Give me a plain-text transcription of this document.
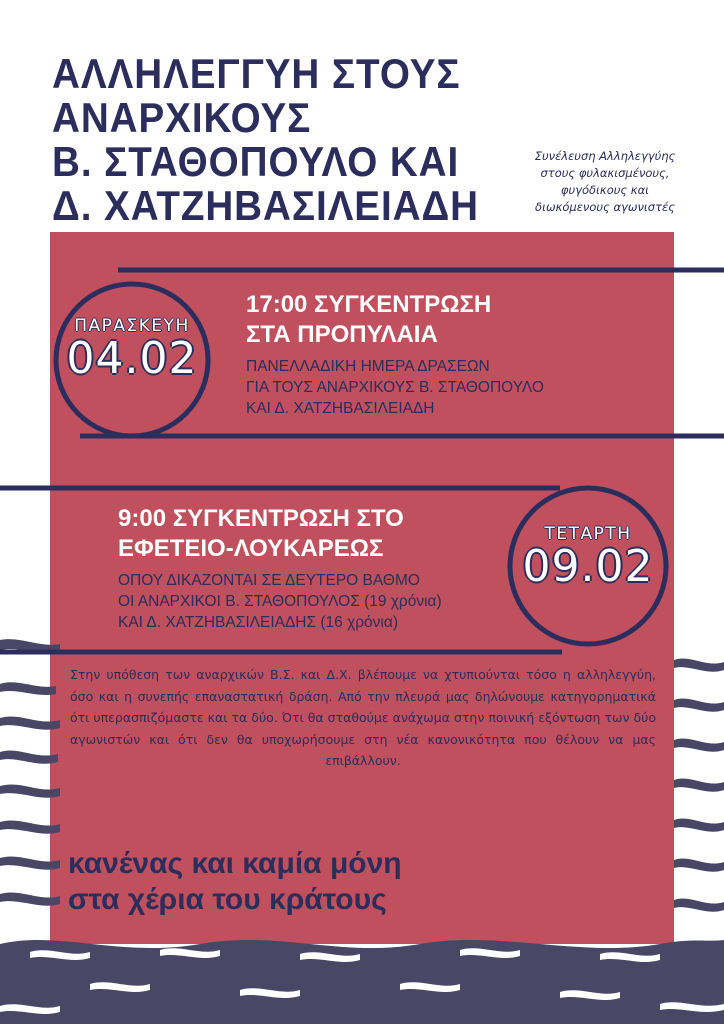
ΑΛΛΗΛΕΓΓΥΗ ΣΤΟΥΣ
ΑΝΑΡΧΙΚΟΥΣ
Β. ΣΤΑΘΟΠΟΥΛΟ ΚΑΙ
Δ. ΧΑΤΖΗΒΑΣΙΛΕΙΑΔΗ
Συνέλευση Αλληλεγγύης
στους φυλακισμένους,
φυγόδικους και
διωκόμενους αγωνιστές
ΠΑΡΑΣΚΕΥΗ
04.02
17:00 ΣΥΓΚΕΝΤΡΩΣΗ
ΣΤΑ ΠΡΟΠΥΛΑΙΑ
ΠΑΝΕΛΛΑΔΙΚΗ ΗΜΕΡΑ ΔΡΑΣΕΩΝ
ΓΙΑ ΤΟΥΣ ΑΝΑΡΧΙΚΟΥΣ Β. ΣΤΑΘΟΠΟΥΛΟ
ΚΑΙ Δ. ΧΑΤΖΗΒΑΣΙΛΕΙΑΔΗ
9:00 ΣΥΓΚΕΝΤΡΩΣΗ ΣΤΟ
ΕΦΕΤΕΙΟ-ΛΟΥΚΑΡΕΩΣ
ΟΠΟΥ ΔΙΚΑΖΟΝΤΑΙ ΣΕ ΔΕΥΤΕΡΟ ΒΑΘΜΟ
ΟΙ ΑΝΑΡΧΙΚΟΙ Β. ΣΤΑΘΟΠΟΥΛΟΣ (19 χρόνια)
ΚΑΙ Δ. ΧΑΤΖΗΒΑΣΙΛΕΙΑΔΗΣ (16 χρόνια)
ΤΕΤΑΡΤΗ
09.02

Στην υπόθεση των αναρχικών Β.Σ. και Δ.Χ. βλέπουμε να χτυπιούνται τόσο η αλληλεγγύη, όσο και η συνεπής επαναστατική δράση. Από την πλευρά μας δηλώνουμε κατηγορηματικά ότι υπερασπιζόμαστε και τα δύο. Ότι θα σταθούμε ανάχωμα στην ποινική εξόντωση των δύο αγωνιστών και ότι δεν θα υποχωρήσουμε στη νέα κανονικότητα που θέλουν να μας επιβάλλουν.

κανένας και καμία μόνη
στα χέρια του κράτους
